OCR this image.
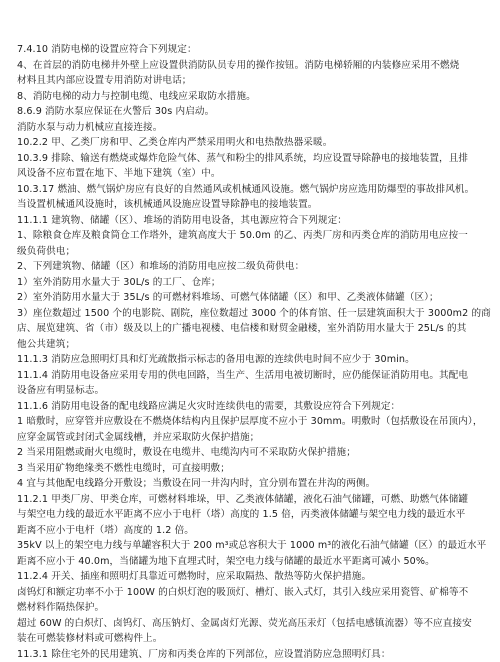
7.4.10 消防电梯的设置应符合下列规定：
4、在首层的消防电梯井外壁上应设置供消防队员专用的操作按钮。消防电梯轿厢的内装修应采用不燃烧
材料且其内部应设置专用消防对讲电话；
8、消防电梯的动力与控制电缆、电线应采取防水措施。
8.6.9 消防水泵应保证在火警后 30s 内启动。
消防水泵与动力机械应直接连接。
10.2.2 甲、乙类厂房和甲、乙类仓库内严禁采用明火和电热散热器采暖。
10.3.9 排除、输送有燃烧或爆炸危险气体、蒸气和粉尘的排风系统，均应设置导除静电的接地装置，且排
风设备不应布置在地下、半地下建筑（室）中。
10.3.17 燃油、燃气锅炉房应有良好的自然通风或机械通风设施。燃气锅炉房应选用防爆型的事故排风机。
当设置机械通风设施时，该机械通风设施应设置导除静电的接地装置。
11.1.1 建筑物、储罐（区）、堆场的消防用电设备，其电源应符合下列规定：
1、除粮食仓库及粮食筒仓工作塔外，建筑高度大于 50.0m 的乙、丙类厂房和丙类仓库的消防用电应按一
级负荷供电；
2、下列建筑物、储罐（区）和堆场的消防用电应按二级负荷供电：
1）室外消防用水量大于 30L/s 的工厂、仓库；
2）室外消防用水量大于 35L/s 的可燃材料堆场、可燃气体储罐（区）和甲、乙类液体储罐（区）；
3）座位数超过 1500 个的电影院、剧院，座位数超过 3000 个的体育馆、任一层建筑面积大于 3000m2 的商
店、展览建筑、省（市）级及以上的广播电视楼、电信楼和财贸金融楼，室外消防用水量大于 25L/s 的其
他公共建筑；
11.1.3 消防应急照明灯具和灯光疏散指示标志的备用电源的连续供电时间不应少于 30min。
11.1.4 消防用电设备应采用专用的供电回路，当生产、生活用电被切断时，应仍能保证消防用电。其配电
设备应有明显标志。
11.1.6 消防用电设备的配电线路应满足火灾时连续供电的需要，其敷设应符合下列规定：
1 暗敷时，应穿管并应敷设在不燃烧体结构内且保护层厚度不应小于 30mm。明敷时（包括敷设在吊顶内），
应穿金属管或封闭式金属线槽，并应采取防火保护措施；
2 当采用阻燃或耐火电缆时，敷设在电缆井、电缆沟内可不采取防火保护措施；
3 当采用矿物绝缘类不燃性电缆时，可直接明敷；
4 宜与其他配电线路分开敷设；当敷设在同一井沟内时，宜分别布置在井沟的两侧。
11.2.1 甲类厂房、甲类仓库，可燃材料堆垛，甲、乙类液体储罐，液化石油气储罐，可燃、助燃气体储罐
与架空电力线的最近水平距离不应小于电杆（塔）高度的 1.5 倍，丙类液体储罐与架空电力线的最近水平
距离不应小于电杆（塔）高度的 1.2 倍。
35kV 以上的架空电力线与单罐容积大于 200 m³或总容积大于 1000 m³的液化石油气储罐（区）的最近水平
距离不应小于 40.0m，当储罐为地下直埋式时，架空电力线与储罐的最近水平距离可减小 50%。
11.2.4 开关、插座和照明灯具靠近可燃物时，应采取隔热、散热等防火保护措施。
卤钨灯和额定功率不小于 100W 的白炽灯泡的吸顶灯、槽灯、嵌入式灯，其引入线应采用瓷管、矿棉等不
燃材料作隔热保护。
超过 60W 的白炽灯、卤钨灯、高压钠灯、金属卤灯光源、荧光高压汞灯（包括电感镇流器）等不应直接安
装在可燃装修材料或可燃构件上。
11.3.1 除住宅外的民用建筑、厂房和丙类仓库的下列部位，应设置消防应急照明灯具：
